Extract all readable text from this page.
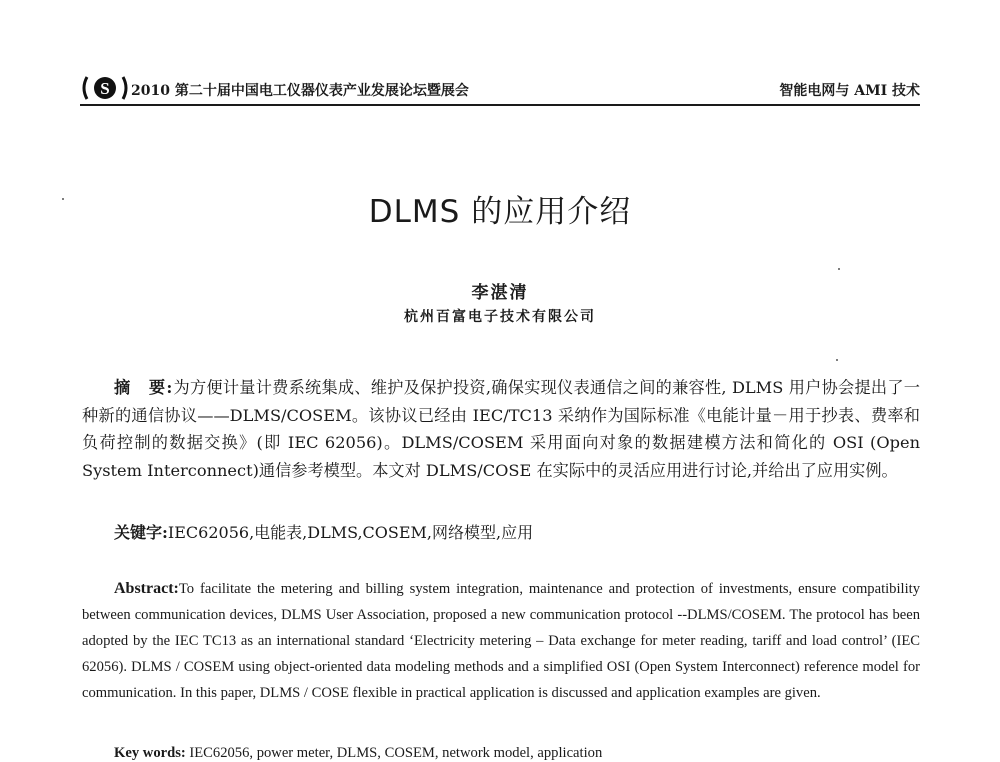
S 2010 第二十届中国电工仪器仪表产业发展论坛暨展会	智能电网与 AMI 技术
DLMS 的应用介绍
李湛清
杭州百富电子技术有限公司
摘　要:为方便计量计费系统集成、维护及保护投资,确保实现仪表通信之间的兼容性, DLMS 用户协会提出了一种新的通信协议——DLMS/COSEM。该协议已经由 IEC/TC13 采纳作为国际标准《电能计量－用于抄表、费率和负荷控制的数据交换》(即 IEC 62056)。DLMS/COSEM 采用面向对象的数据建模方法和简化的 OSI (Open System Interconnect)通信参考模型。本文对 DLMS/COSE 在实际中的灵活应用进行讨论,并给出了应用实例。
关键字:IEC62056,电能表,DLMS,COSEM,网络模型,应用
Abstract:To facilitate the metering and billing system integration, maintenance and protection of investments, ensure compatibility between communication devices, DLMS User Association, proposed a new communication protocol --DLMS/COSEM. The protocol has been adopted by the IEC TC13 as an international standard ‘Electricity metering – Data exchange for meter reading, tariff and load control’ (IEC 62056). DLMS / COSEM using object-oriented data modeling methods and a simplified OSI (Open System Interconnect) reference model for communication. In this paper, DLMS / COSE flexible in practical application is discussed and application examples are given.
Key words: IEC62056, power meter, DLMS, COSEM, network model, application
